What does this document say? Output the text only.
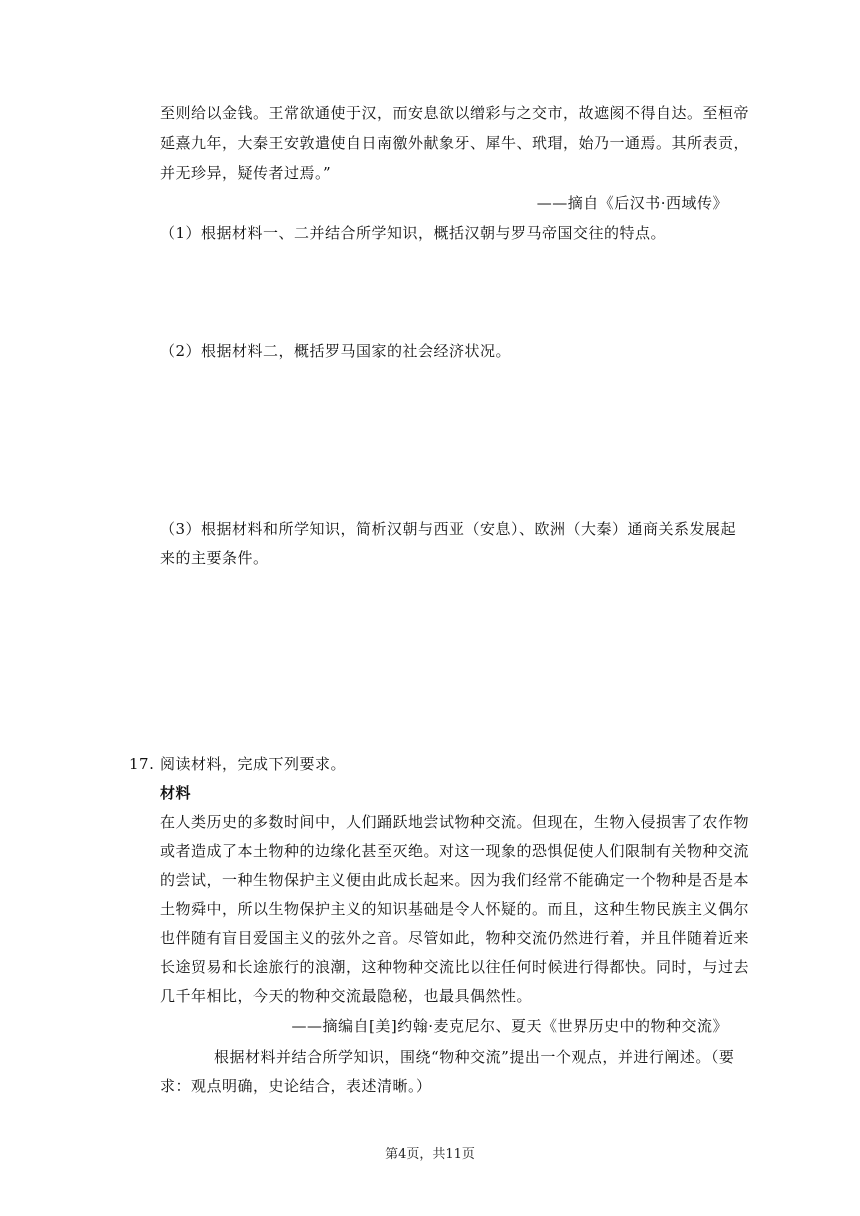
至则给以金钱。王常欲通使于汉，而安息欲以缯彩与之交市，故遮阂不得自达。至桓帝
延熹九年，大秦王安敦遣使自日南徼外献象牙、犀牛、玳瑁，始乃一通焉。其所表贡，
并无珍异，疑传者过焉。”
——摘自《后汉书·西域传》
（1）根据材料一、二并结合所学知识，概括汉朝与罗马帝国交往的特点。
（2）根据材料二，概括罗马国家的社会经济状况。
（3）根据材料和所学知识，简析汉朝与西亚（安息）、欧洲（大秦）通商关系发展起
来的主要条件。
17. 阅读材料，完成下列要求。
材料
在人类历史的多数时间中，人们踊跃地尝试物种交流。但现在，生物入侵损害了农作物
或者造成了本土物种的边缘化甚至灭绝。对这一现象的恐惧促使人们限制有关物种交流
的尝试，一种生物保护主义便由此成长起来。因为我们经常不能确定一个物种是否是本
土物舜中，所以生物保护主义的知识基础是令人怀疑的。而且，这种生物民族主义偶尔
也伴随有盲目爱国主义的弦外之音。尽管如此，物种交流仍然进行着，并且伴随着近来
长途贸易和长途旅行的浪潮，这种物种交流比以往任何时候进行得都快。同时，与过去
几千年相比，今天的物种交流最隐秘，也最具偶然性。
——摘编自[美]约翰·麦克尼尔、夏天《世界历史中的物种交流》
根据材料并结合所学知识，围绕“物种交流”提出一个观点，并进行阐述。（要
求：观点明确，史论结合，表述清晰。）
第4页，共11页
